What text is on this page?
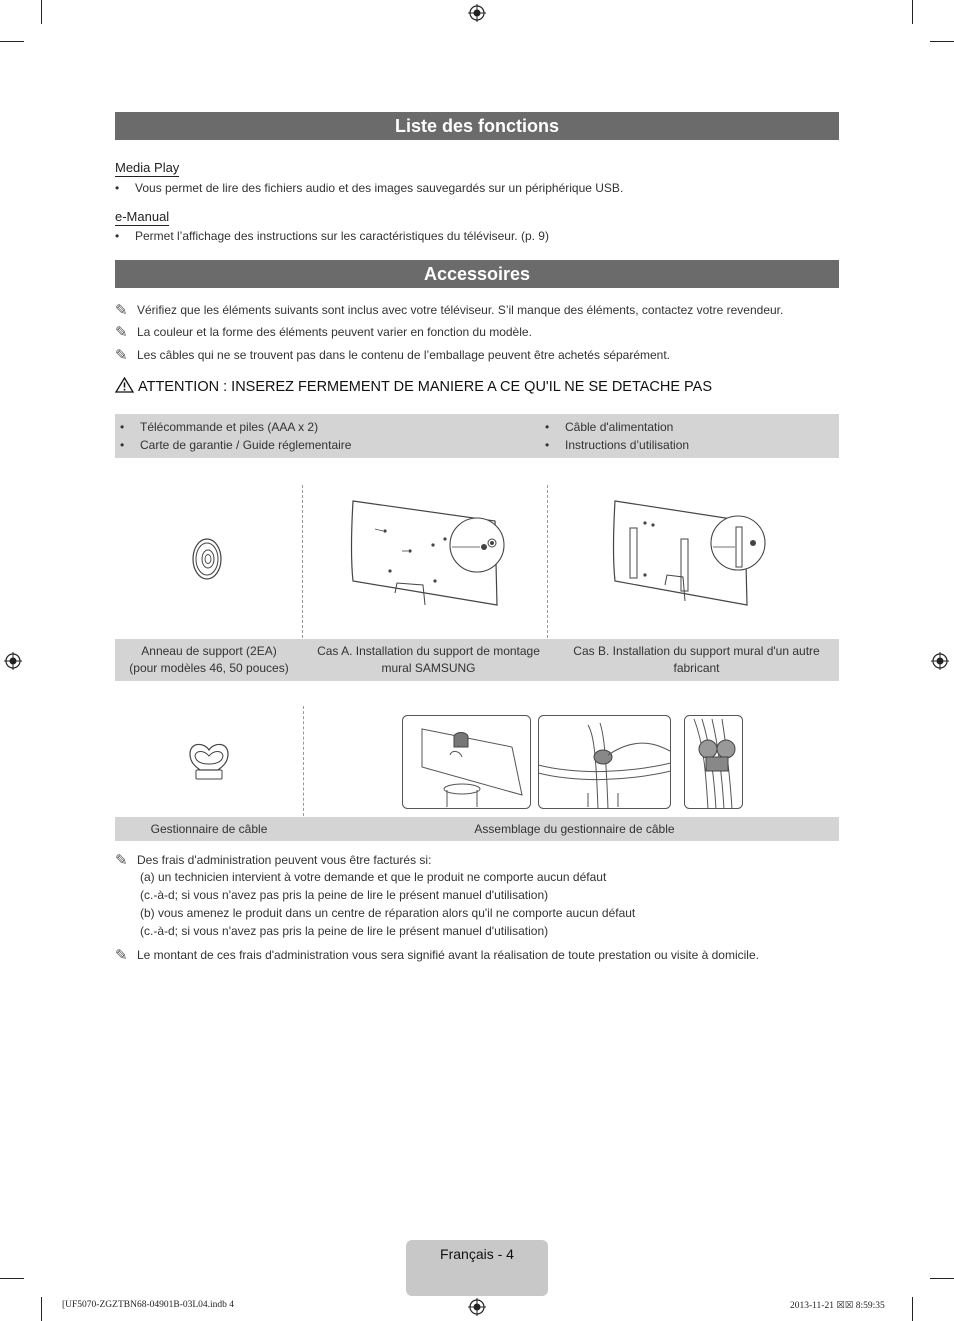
Liste des fonctions
Media Play
• Vous permet de lire des fichiers audio et des images sauvegardés sur un périphérique USB.
e-Manual
• Permet l’affichage des instructions sur les caractéristiques du téléviseur. (p. 9)
Accessoires
✎ Vérifiez que les éléments suivants sont inclus avec votre téléviseur. S’il manque des éléments, contactez votre revendeur.
✎ La couleur et la forme des éléments peuvent varier en fonction du modèle.
✎ Les câbles qui ne se trouvent pas dans le contenu de l’emballage peuvent être achetés séparément.
ATTENTION : INSEREZ FERMEMENT DE MANIERE A CE QU'IL NE SE DETACHE PAS
• Télécommande et piles (AAA x 2)
• Carte de garantie / Guide réglementaire
• Câble d'alimentation
• Instructions d’utilisation
Anneau de support (2EA)
(pour modèles 46, 50 pouces)
Cas A. Installation du support de montage
mural SAMSUNG
Cas B. Installation du support mural d'un autre
fabricant
Gestionnaire de câble	Assemblage du gestionnaire de câble
✎ Des frais d'administration peuvent vous être facturés si:
(a) un technicien intervient à votre demande et que le produit ne comporte aucun défaut
(c.-à-d; si vous n'avez pas pris la peine de lire le présent manuel d'utilisation)
(b) vous amenez le produit dans un centre de réparation alors qu'il ne comporte aucun défaut
(c.-à-d; si vous n'avez pas pris la peine de lire le présent manuel d'utilisation)
✎ Le montant de ces frais d'administration vous sera signifié avant la réalisation de toute prestation ou visite à domicile.
Français - 4
[UF5070-ZGZTBN68-04901B-03L04.indb 4	2013-11-21 ☒☒ 8:59:35
